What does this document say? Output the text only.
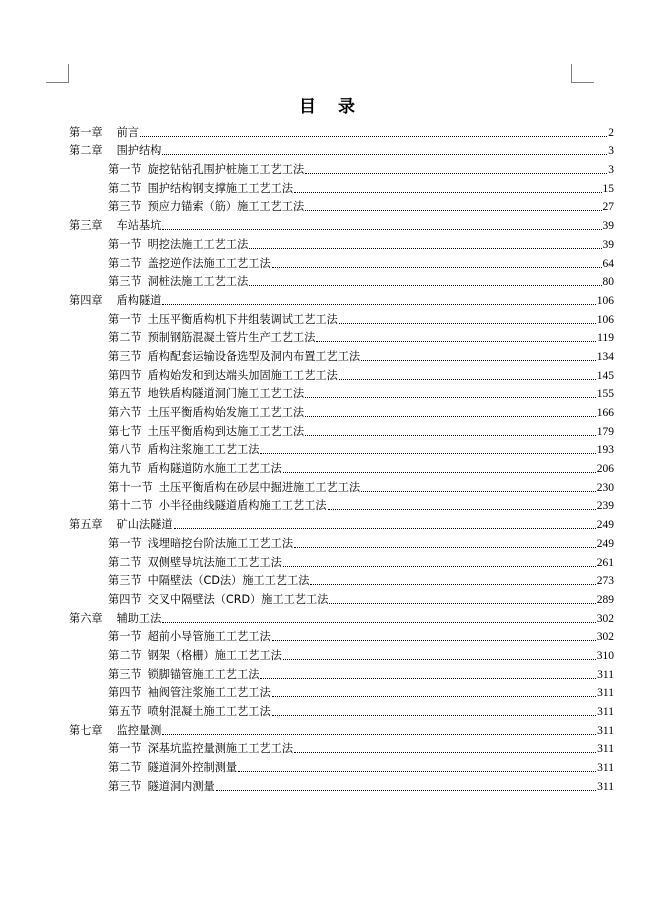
目 录
第一章 前言	2
第二章 围护结构	3
第一节 旋挖钻钻孔围护桩施工工艺工法	3
第二节 围护结构钢支撑施工工艺工法	15
第三节 预应力锚索（筋）施工工艺工法	27
第三章 车站基坑	39
第一节 明挖法施工工艺工法	39
第二节 盖挖逆作法施工工艺工法	64
第三节 洞桩法施工工艺工法	80
第四章 盾构隧道	106
第一节 土压平衡盾构机下井组装调试工艺工法	106
第二节 预制钢筋混凝土管片生产工艺工法	119
第三节 盾构配套运输设备选型及洞内布置工艺工法	134
第四节 盾构始发和到达端头加固施工工艺工法	145
第五节 地铁盾构隧道洞门施工工艺工法	155
第六节 土压平衡盾构始发施工工艺工法	166
第七节 土压平衡盾构到达施工工艺工法	179
第八节 盾构注浆施工工艺工法	193
第九节 盾构隧道防水施工工艺工法	206
第十一节 土压平衡盾构在砂层中掘进施工工艺工法	230
第十二节 小半径曲线隧道盾构施工工艺工法	239
第五章 矿山法隧道	249
第一节 浅埋暗挖台阶法施工工艺工法	249
第二节 双侧壁导坑法施工工艺工法	261
第三节 中隔壁法（CD法）施工工艺工法	273
第四节 交叉中隔壁法（CRD）施工工艺工法	289
第六章 辅助工法	302
第一节 超前小导管施工工艺工法	302
第二节 钢架（格栅）施工工艺工法	310
第三节 锁脚锚管施工工艺工法	311
第四节 袖阀管注浆施工工艺工法	311
第五节 喷射混凝土施工工艺工法	311
第七章 监控量测	311
第一节 深基坑监控量测施工工艺工法	311
第二节 隧道洞外控制测量	311
第三节 隧道洞内测量	311
